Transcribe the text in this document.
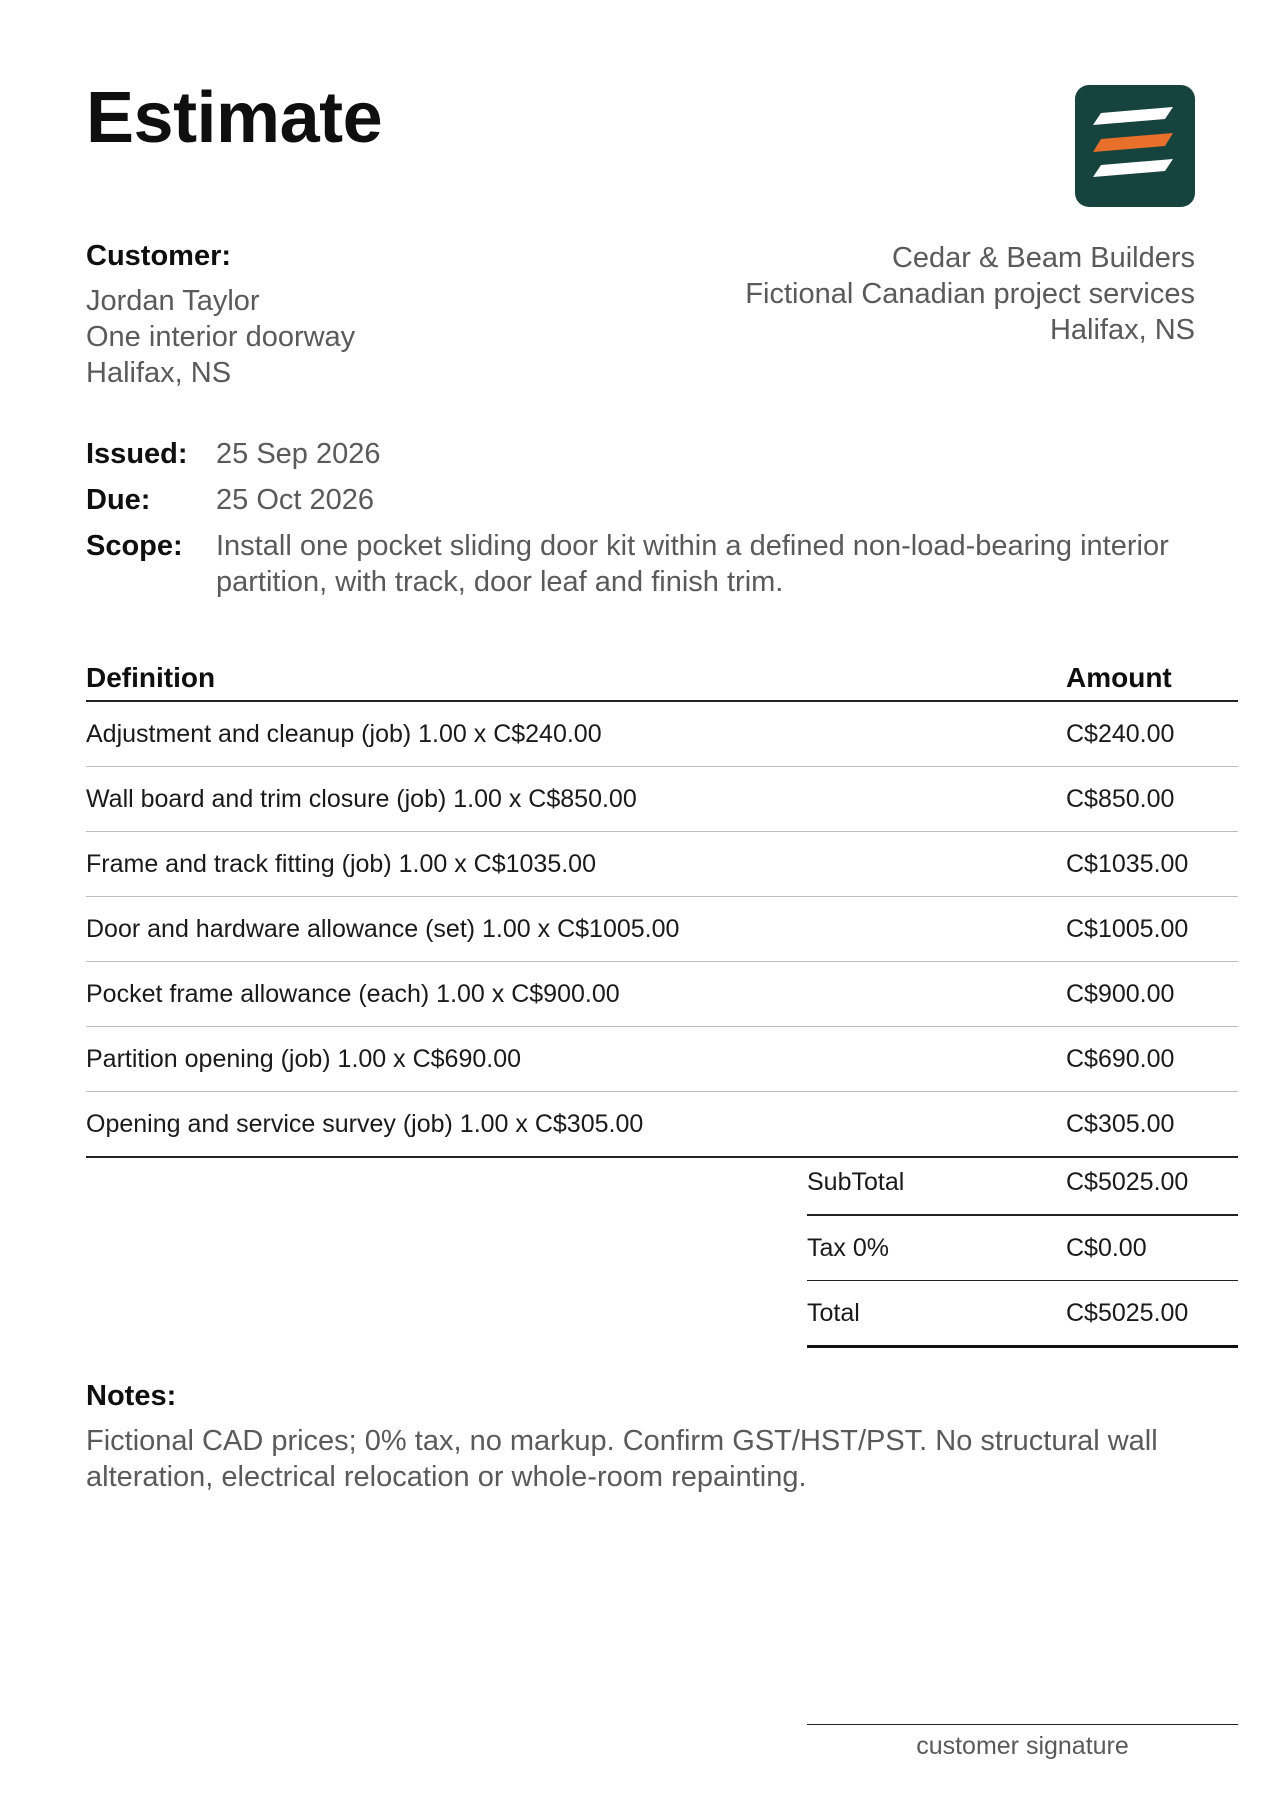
Estimate
Customer:
Jordan Taylor
One interior doorway
Halifax, NS
Cedar & Beam Builders
Fictional Canadian project services
Halifax, NS
Issued: 25 Sep 2026
Due:	25 Oct 2026
Scope:	Install one pocket sliding door kit within a defined non-load-bearing interior partition, with track, door leaf and finish trim.
Definition	Amount
Adjustment and cleanup (job) 1.00 x C$240.00	C$240.00
Wall board and trim closure (job) 1.00 x C$850.00	C$850.00
Frame and track fitting (job) 1.00 x C$1035.00	C$1035.00
Door and hardware allowance (set) 1.00 x C$1005.00	C$1005.00
Pocket frame allowance (each) 1.00 x C$900.00	C$900.00
Partition opening (job) 1.00 x C$690.00	C$690.00
Opening and service survey (job) 1.00 x C$305.00	C$305.00
SubTotal	C$5025.00
Tax 0%	C$0.00
Total	C$5025.00
Notes:
Fictional CAD prices; 0% tax, no markup. Confirm GST/HST/PST. No structural wall alteration, electrical relocation or whole-room repainting.
customer signature
